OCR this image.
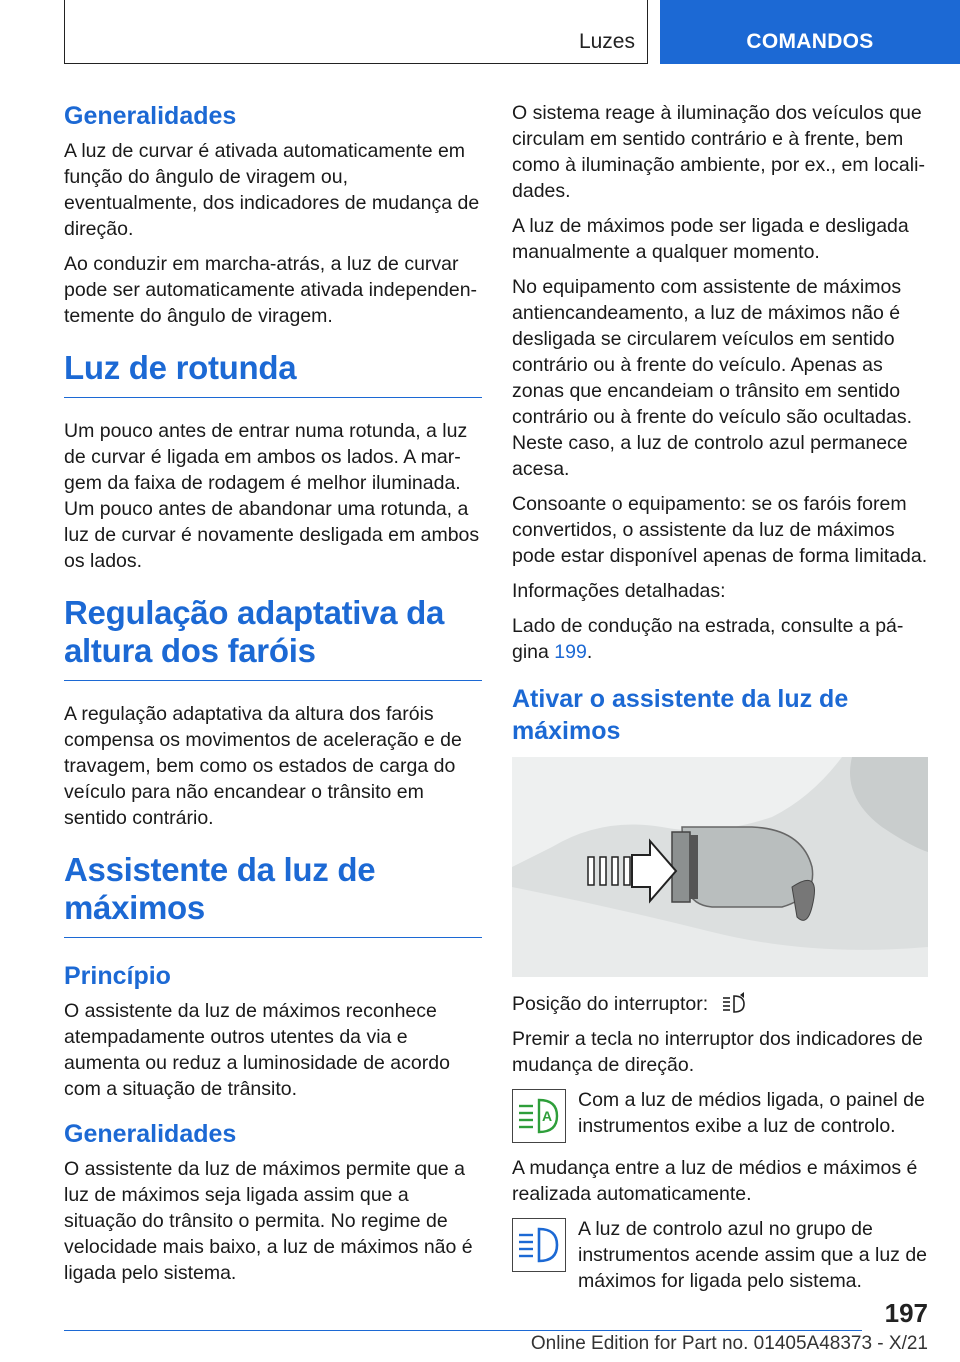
Luzes	COMANDOS
Generalidades

A luz de curvar é ativada automaticamente em função do ângulo de viragem ou, eventualmente, dos indicadores de mudança de direção.

Ao conduzir em marcha-atrás, a luz de curvar pode ser automaticamente ativada independentemente do ângulo de viragem.

Luz de rotunda

Um pouco antes de entrar numa rotunda, a luz de curvar é ligada em ambos os lados. A margem da faixa de rodagem é melhor iluminada. Um pouco antes de abandonar uma rotunda, a luz de curvar é novamente desligada em ambos os lados.

Regulação adaptativa da altura dos faróis

A regulação adaptativa da altura dos faróis compensa os movimentos de aceleração e de travagem, bem como os estados de carga do veículo para não encandear o trânsito em sentido contrário.

Assistente da luz de máximos
Princípio

O assistente da luz de máximos reconhece atempadamente outros utentes da via e aumenta ou reduz a luminosidade de acordo com a situação de trânsito.

Generalidades

O assistente da luz de máximos permite que a luz de máximos seja ligada assim que a situação do trânsito o permita. No regime de velocidade mais baixo, a luz de máximos não é ligada pelo sistema.

O sistema reage à iluminação dos veículos que circulam em sentido contrário e à frente, bem como à iluminação ambiente, por ex., em localidades.

A luz de máximos pode ser ligada e desligada manualmente a qualquer momento.

No equipamento com assistente de máximos antiencandeamento, a luz de máximos não é desligada se circularem veículos em sentido contrário ou à frente do veículo. Apenas as zonas que encandeiam o trânsito em sentido contrário ou à frente do veículo são ocultadas. Neste caso, a luz de controlo azul permanece acesa.

Consoante o equipamento: se os faróis forem convertidos, o assistente da luz de máximos pode estar disponível apenas de forma limitada.

Informações detalhadas:

Lado de condução na estrada, consulte a página 199.

Ativar o assistente da luz de máximos

Posição do interruptor:

Premir a tecla no interruptor dos indicadores de mudança de direção.

A

Com a luz de médios ligada, o painel de instrumentos exibe a luz de controlo.

A mudança entre a luz de médios e máximos é realizada automaticamente.

A luz de controlo azul no grupo de instrumentos acende assim que a luz de máximos for ligada pelo sistema.

197
Online Edition for Part no. 01405A48373 - X/21
